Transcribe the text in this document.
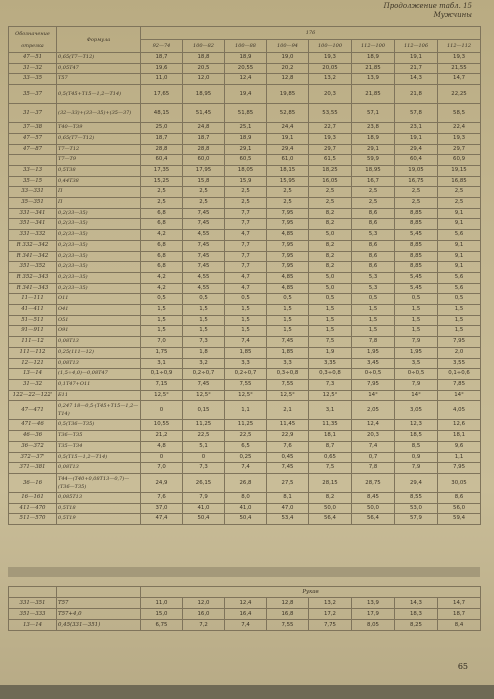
Продолжение табл. 15
Мужчины
Обозначение отрезка	Формула	176							
		92—74	100—82	100—88	100—94	100—100	112—100	112—106	112—112
47—51	0,65(Т7—Т12)	18,7	18,8	18,9	19,0	19,3	18,9	19,1	19,3
31—32	0,05Т47	19,6	20,5	20,55	20,2	20,05	21,85	21,7	21,55
33—35	Т57	11,0	12,0	12,4	12,8	13,2	13,9	14,3	14,7
35—37	0,5(Т45+Т15—1,2—Т14)	17,65	18,95	19,4	19,85	20,3	21,85	21,8	22,25
31—37	(32—33)+(33—35)+(35—37)	48,15	51,45	51,85	52,85	53,55	57,1	57,8	58,5
37—38	Т40—Т39	25,0	24,8	25,1	24,4	22,7	23,8	23,1	22,4
47—57	0,65(Т7—Т12)	18,7	18,7	18,9	19,1	19,3	18,9	19,1	19,3
47—87	Т7—Т12	28,8	28,8	29,1	29,4	29,7	29,1	29,4	29,7
	Т7—Т9	60,4	60,0	60,5	61,0	61,5	59,9	60,4	60,9
33—13	0,5Т38	17,35	17,95	18,05	18,15	18,25	18,95	19,05	19,15
35—15	0,44Т38	15,25	15,8	15,9	15,95	16,05	16,7	16,75	16,85
33—331	П	2,5	2,5	2,5	2,5	2,5	2,5	2,5	2,5
35—351	П	2,5	2,5	2,5	2,5	2,5	2,5	2,5	2,5
331—341	0,2(33—35)	6,8	7,45	7,7	7,95	8,2	8,6	8,85	9,1
351—341	0,2(33—35)	6,8	7,45	7,7	7,95	8,2	8,6	8,85	9,1
331—332	0,2(33—35)	4,2	4,55	4,7	4,85	5,0	5,3	5,45	5,6
R 332—342	0,2(33—35)	6,8	7,45	7,7	7,95	8,2	8,6	8,85	9,1
R 341—342	0,2(33—35)	6,8	7,45	7,7	7,95	8,2	8,6	8,85	9,1
351—352	0,2(33—35)	6,8	7,45	7,7	7,95	8,2	8,6	8,85	9,1
R 352—343	0,2(33—35)	4,2	4,55	4,7	4,85	5,0	5,3	5,45	5,6
R 341—343	0,2(33—35)	4,2	4,55	4,7	4,85	5,0	5,3	5,45	5,6
11—111	О11	0,5	0,5	0,5	0,5	0,5	0,5	0,5	0,5
41—411	О41	1,5	1,5	1,5	1,5	1,5	1,5	1,5	1,5
51—511	О51	1,5	1,5	1,5	1,5	1,5	1,5	1,5	1,5
91—911	О91	1,5	1,5	1,5	1,5	1,5	1,5	1,5	1,5
111—12	0,08Т13	7,0	7,3	7,4	7,45	7,5	7,8	7,9	7,95
111—112	0,25(111—12)	1,75	1,8	1,85	1,85	1,9	1,95	1,95	2,0
12—121	0,08Т13	3,1	3,2	3,3	3,3	3,35	3,45	3,5	3,55
13—14	(1,5÷4,0)—0,08Т47	0,1÷0,9	0,2÷0,7	0,2÷0,7	0,3÷0,8	0,3÷0,8	0÷0,5	0÷0,5	0,1÷0,6
31—32	0,1Т47+О11	7,15	7,45	7,55	7,55	7,3	7,95	7,9	7,85
122—22—122'	Б11	12,5°	12,5°	12,5°	12,5°	12,5°	14°	14°	14°
47—471	0,247 18—0,5·(Т45+Т15—1,2—Т14)	0	0,15	1,1	2,1	3,1	2,05	3,05	4,05
471—46	0,5(Т36—Т35)	10,55	11,25	11,25	11,45	11,35	12,4	12,3	12,6
46—36	Т36—Т35	21,2	22,5	22,5	22,9	18,1	20,3	18,5	18,1
36—372	Т35—Т34	4,8	5,1	6,5	7,6	8,7	7,4	8,5	9,6
372—37'	0,5(Т15—1,2—Т14)	0	0	0,25	0,45	0,65	0,7	0,9	1,1
371—381	0,08Т13	7,0	7,3	7,4	7,45	7,5	7,8	7,9	7,95
36—16	Т44—(Т40+0,08Т13—0,7)—(Т36—Т35)	24,9	26,15	26,8	27,5	28,15	28,75	29,4	30,05
16—161	0,085Т13	7,6	7,9	8,0	8,1	8,2	8,45	8,55	8,6
411—470	0,5Т18	37,0	41,0	41,0	47,0	50,0	50,0	53,0	56,0
511—570	0,5Т19	47,4	50,4	50,4	53,4	56,4	56,4	57,9	59,4
		Рукав							
331—351	Т57	11,0	12,0	12,4	12,8	13,2	13,9	14,3	14,7
351—333	Т57+4,0	15,0	16,0	16,4	16,8	17,2	17,9	18,3	18,7
13—14	0,45(331—351)	6,75	7,2	7,4	7,55	7,75	8,05	8,25	8,4
65
